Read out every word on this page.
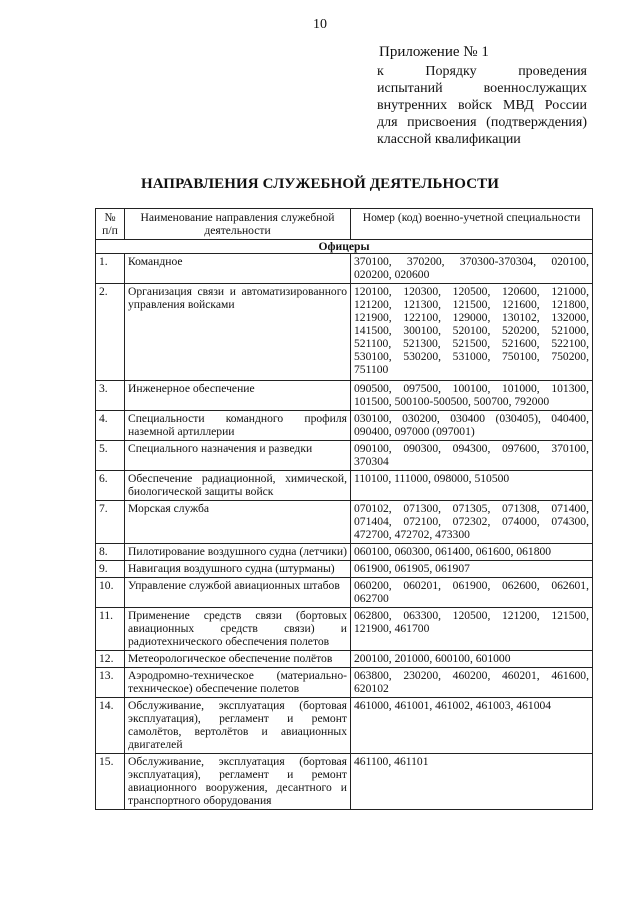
10
Приложение № 1
к	Порядку	проведения
испытаний	военнослужащих
внутренних войск МВД России
для присвоения (подтверждения)
классной квалификации
НАПРАВЛЕНИЯ СЛУЖЕБНОЙ ДЕЯТЕЛЬНОСТИ
№ п/п	Наименование направления служебной деятельности	Номер (код) военно-учетной специальности
Офицеры		
1.	Командное	370100, 370200, 370300-370304, 020100, 020200, 020600
2.	Организация связи и автоматизированного управления войсками	120100, 120300, 120500, 120600, 121000, 121200, 121300, 121500, 121600, 121800, 121900, 122100, 129000, 130102, 132000, 141500, 300100, 520100, 520200, 521000, 521100, 521300, 521500, 521600, 522100, 530100, 530200, 531000, 750100, 750200, 751100
3.	Инженерное обеспечение	090500, 097500, 100100, 101000, 101300, 101500, 500100-500500, 500700, 792000
4.	Специальности командного профиля наземной артиллерии	030100, 030200, 030400 (030405), 040400, 090400, 097000 (097001)
5.	Специального назначения и разведки	090100, 090300, 094300, 097600, 370100, 370304
6.	Обеспечение радиационной, химической, биологической защиты войск	110100, 111000, 098000, 510500
7.	Морская служба	070102, 071300, 071305, 071308, 071400, 071404, 072100, 072302, 074000, 074300, 472700, 472702, 473300
8.	Пилотирование воздушного судна (летчики)	060100, 060300, 061400, 061600, 061800
9.	Навигация воздушного судна (штурманы)	061900, 061905, 061907
10.	Управление службой авиационных штабов	060200, 060201, 061900, 062600, 062601, 062700
11.	Применение средств связи (бортовых авиационных средств связи) и радиотехнического обеспечения полетов	062800, 063300, 120500, 121200, 121500, 121900, 461700
12.	Метеорологическое обеспечение полётов	200100, 201000, 600100, 601000
13.	Аэродромно-техническое (материально-техническое) обеспечение полетов	063800, 230200, 460200, 460201, 461600, 620102
14.	Обслуживание, эксплуатация (бортовая эксплуатация), регламент и ремонт самолётов, вертолётов и авиационных двигателей	461000, 461001, 461002, 461003, 461004
15.	Обслуживание, эксплуатация (бортовая эксплуатация), регламент и ремонт авиационного вооружения, десантного и транспортного оборудования	461100, 461101
